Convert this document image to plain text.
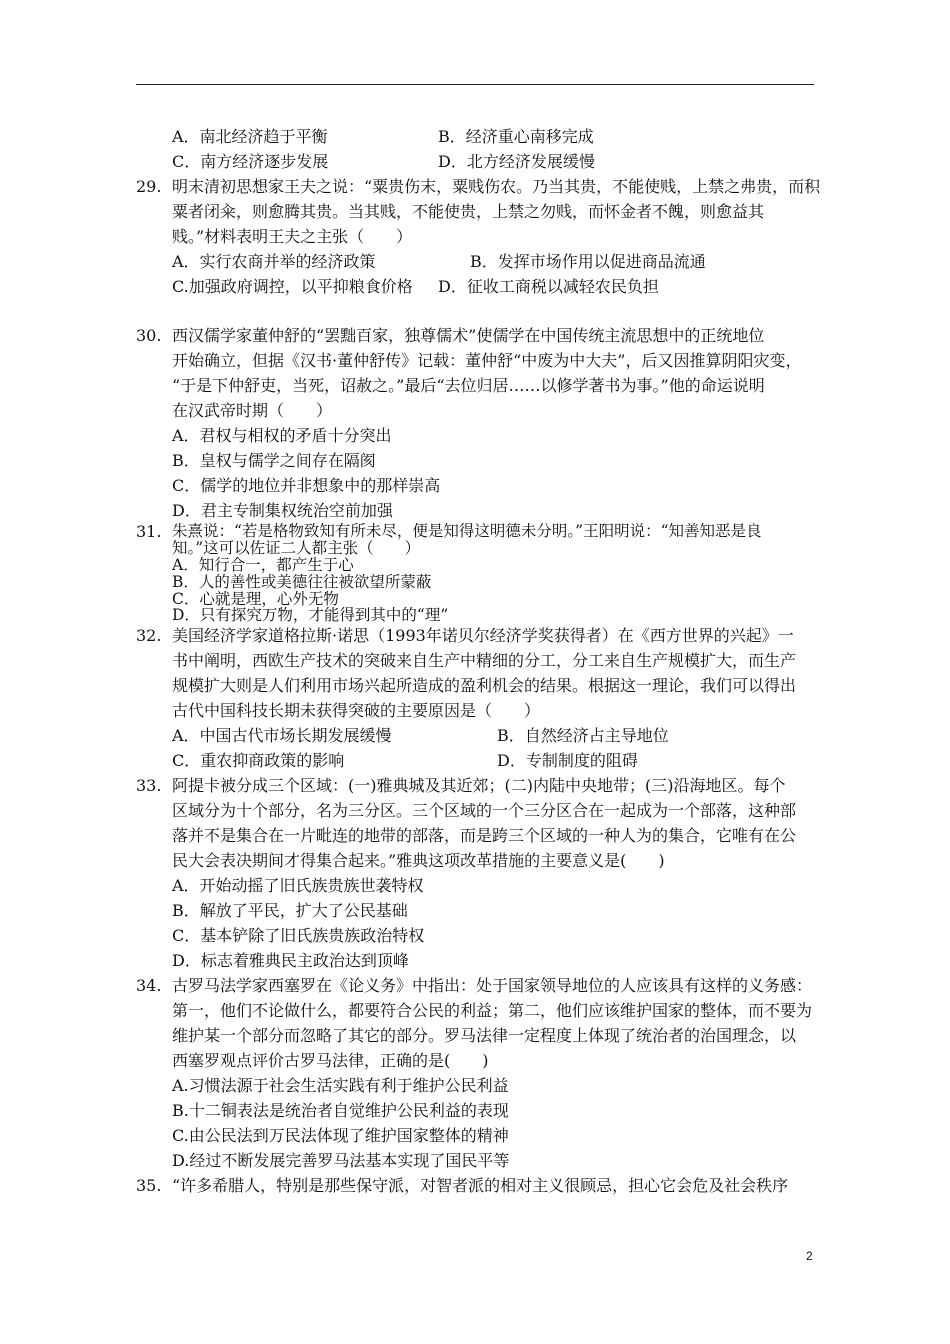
A．南北经济趋于平衡	B．经济重心南移完成
C．南方经济逐步发展	D．北方经济发展缓慢
29. 明末清初思想家王夫之说：“粟贵伤末，粟贱伤农。乃当其贵，不能使贱，上禁之弗贵，而积
粟者闭籴，则愈腾其贵。当其贱，不能使贵，上禁之勿贱，而怀金者不餽，则愈益其
贱。”材料表明王夫之主张（　　）
A．实行农商并举的经济政策	B．发挥市场作用以促进商品流通
C.加强政府调控，以平抑粮食价格 D．征收工商税以减轻农民负担
30. 西汉儒学家董仲舒的“罢黜百家，独尊儒术”使儒学在中国传统主流思想中的正统地位
开始确立，但据《汉书·董仲舒传》记载：董仲舒“中废为中大夫”，后又因推算阴阳灾变，
“于是下仲舒吏，当死，诏赦之。”最后“去位归居……以修学著书为事。”他的命运说明
在汉武帝时期（　　）
A．君权与相权的矛盾十分突出
B．皇权与儒学之间存在隔阂
C．儒学的地位并非想象中的那样崇高
D．君主专制集权统治空前加强
31. 朱熹说：“若是格物致知有所未尽，便是知得这明德未分明。”王阳明说：“知善知恶是良
知。”这可以佐证二人都主张（　　）
A．知行合一，都产生于心
B．人的善性或美德往往被欲望所蒙蔽
C．心就是理，心外无物
D．只有探究万物，才能得到其中的“理”
32. 美国经济学家道格拉斯·诺思（1993年诺贝尔经济学奖获得者）在《西方世界的兴起》一
书中阐明，西欧生产技术的突破来自生产中精细的分工，分工来自生产规模扩大，而生产
规模扩大则是人们利用市场兴起所造成的盈利机会的结果。根据这一理论，我们可以得出
古代中国科技长期未获得突破的主要原因是（　　）
A．中国古代市场长期发展缓慢	B．自然经济占主导地位
C．重农抑商政策的影响	D．专制制度的阻碍
33. 阿提卡被分成三个区域：(一)雅典城及其近郊；(二)内陆中央地带；(三)沿海地区。每个
区域分为十个部分，名为三分区。三个区域的一个三分区合在一起成为一个部落，这种部
落并不是集合在一片毗连的地带的部落，而是跨三个区域的一种人为的集合，它唯有在公
民大会表决期间才得集合起来。”雅典这项改革措施的主要意义是(　　)
A．开始动摇了旧氏族贵族世袭特权
B．解放了平民，扩大了公民基础
C．基本铲除了旧氏族贵族政治特权
D．标志着雅典民主政治达到顶峰
34. 古罗马法学家西塞罗在《论义务》中指出：处于国家领导地位的人应该具有这样的义务感：
第一，他们不论做什么，都要符合公民的利益；第二，他们应该维护国家的整体，而不要为
维护某一个部分而忽略了其它的部分。罗马法律一定程度上体现了统治者的治国理念，以
西塞罗观点评价古罗马法律，正确的是(　　)
A.习惯法源于社会生活实践有利于维护公民利益
B.十二铜表法是统治者自觉维护公民利益的表现
C.由公民法到万民法体现了维护国家整体的精神
D.经过不断发展完善罗马法基本实现了国民平等
35. “许多希腊人，特别是那些保守派，对智者派的相对主义很顾忌，担心它会危及社会秩序
2
